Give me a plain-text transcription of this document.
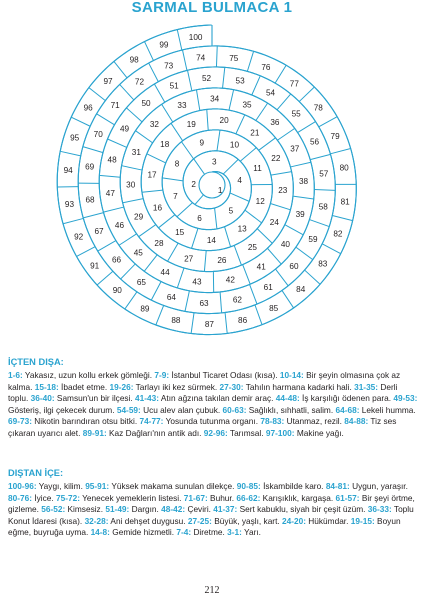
SARMAL BULMACA 1
1
2
3
4
5
6
7
8
9	10
11
12
13
14
15
16
17
18
19	20
21
22
23
24
25
26
27
28
29
30
31
32
33
34
35
36
37
38
39
40
41
42
43
44
45
46
47
48
49
50
51
52	53
54
55
56
57
58
59
60
61
62
63
64
65
66
67
68
69
70
71
72
73
74	75
76
77
78
79
80
81
82
83
84
85
86
87
88
89
90
91
92
93
94
95
96
97
98
99
100
İÇTEN DIŞA:

1-6: Yakasız, uzun kollu erkek gömleği. 7-9: İstanbul Ticaret Odası (kısa). 10-14: Bir şeyin olmasına çok az kalma. 15-18: İbadet etme. 19-26: Tarlayı iki kez sürmek. 27-30: Tahılın harmana kadarki hali. 31-35: Derli toplu. 36-40: Samsun'un bir ilçesi. 41-43: Atın ağzına takılan demir araç. 44-48: İş karşılığı ödenen para. 49-53: Gösteriş, ilgi çekecek durum. 54-59: Ucu alev alan çubuk. 60-63: Sağlıklı, sıhhatli, salim. 64-68: Lekeli humma. 69-73: Nikotin barındıran otsu bitki. 74-77: Yosunda tutunma organı. 78-83: Utanmaz, rezil. 84-88: Tiz ses çıkaran uyarıcı alet. 89-91: Kaz Dağları'nın antik adı. 92-96: Tarımsal. 97-100: Makine yağı.

DIŞTAN İÇE:

100-96: Yaygı, kilim. 95-91: Yüksek makama sunulan dilekçe. 90-85: İskambilde karo. 84-81: Uygun, yaraşır. 80-76: İyice. 75-72: Yenecek yemeklerin listesi. 71-67: Buhur. 66-62: Karışıklık, kargaşa. 61-57: Bir şeyi örtme, gizleme. 56-52: Kimsesiz. 51-49: Dargın. 48-42: Çeviri. 41-37: Sert kabuklu, siyah bir çeşit üzüm. 36-33: Toplu Konut İdaresi (kısa). 32-28: Ani dehşet duygusu. 27-25: Büyük, yaşlı, kart. 24-20: Hükümdar. 19-15: Boyun eğme, buyruğa uyma. 14-8: Gemide hizmetli. 7-4: Diretme. 3-1: Yarı.

212
